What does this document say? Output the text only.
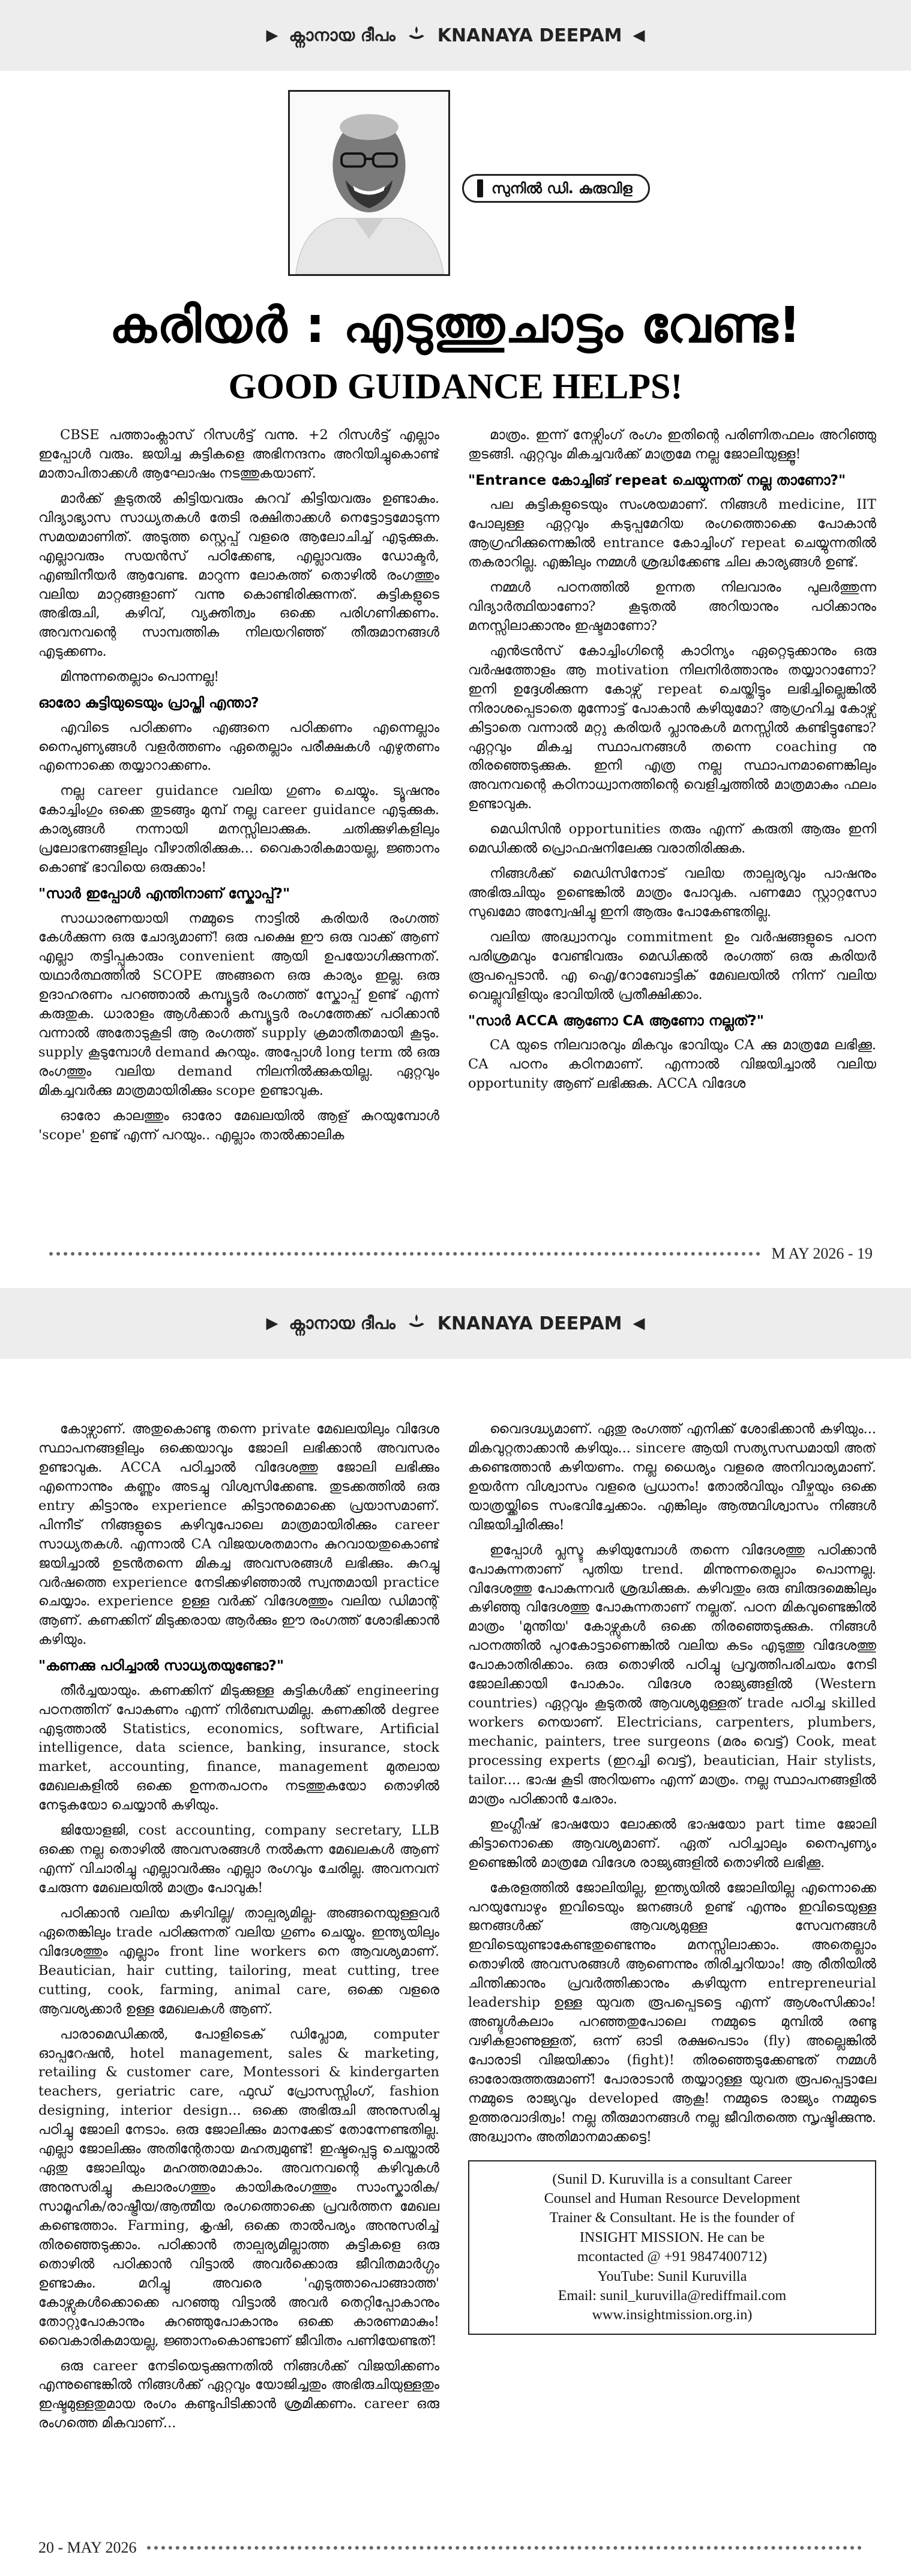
▶ ക്നാനായ ദീപം KNANAYA DEEPAM ◀
സുനിൽ ഡി. കുരുവിള
കരിയർ : എടുത്തുചാട്ടം വേണ്ട!
GOOD GUIDANCE HELPS!

CBSE പത്താംക്ലാസ് റിസൾട്ട് വന്നു. +2 റിസൾട്ട് എല്ലാം ഇപ്പോൾ വരും. ജയിച്ച കുട്ടികളെ അഭിനന്ദനം അറിയിച്ചുകൊണ്ട് മാതാപിതാക്കൾ ആഘോഷം നടത്തുകയാണ്.

മാർക്ക് കൂടുതൽ കിട്ടിയവരും കുറവ് കിട്ടിയവരും ഉണ്ടാകും. വിദ്യാഭ്യാസ സാധ്യതകൾ തേടി രക്ഷിതാക്കൾ നെട്ടോട്ടമോടുന്ന സമയമാണിത്. അടുത്ത സ്റ്റെപ്പ് വളരെ ആലോചിച്ച് എടുക്കുക. എല്ലാവരും സയൻസ് പഠിക്കേണ്ട, എല്ലാവരും ഡോക്ടർ, എഞ്ചിനീയർ ആവേണ്ട. മാറുന്ന ലോകത്ത് തൊഴിൽ രംഗത്തും വലിയ മാറ്റങ്ങളാണ് വന്നു കൊണ്ടിരിക്കുന്നത്. കുട്ടികളുടെ അഭിരുചി, കഴിവ്, വ്യക്തിത്വം ഒക്കെ പരിഗണിക്കണം. അവനവന്റെ സാമ്പത്തിക നിലയറിഞ്ഞ് തീരുമാനങ്ങൾ എടുക്കണം.

മിന്നുന്നതെല്ലാം പൊന്നല്ല!

ഓരോ കുട്ടിയുടെയും പ്രാപ്തി എന്താ?

എവിടെ പഠിക്കണം എങ്ങനെ പഠിക്കണം എന്നെല്ലാം നൈപുണ്യങ്ങൾ വളർത്തണം ഏതെല്ലാം പരീക്ഷകൾ എഴുതണം എന്നൊക്കെ തയ്യാറാക്കണം.

നല്ല career guidance വലിയ ഗുണം ചെയ്യും. ട്യൂഷനും കോച്ചിംഗും ഒക്കെ തുടങ്ങും മുമ്പ് നല്ല career guidance എടുക്കുക. കാര്യങ്ങൾ നന്നായി മനസ്സിലാക്കുക. ചതിക്കുഴികളിലും പ്രലോഭനങ്ങളിലും വീഴാതിരിക്കുക... വൈകാരികമായല്ല, ജ്ഞാനം കൊണ്ട് ഭാവിയെ ഒരുക്കാം!

"സാർ ഇപ്പോൾ എന്തിനാണ് സ്കോപ്പ്?"

സാധാരണയായി നമ്മുടെ നാട്ടിൽ കരിയർ രംഗത്ത് കേൾക്കുന്ന ഒരു ചോദ്യമാണ്! ഒരു പക്ഷെ ഈ ഒരു വാക്ക് ആണ് എല്ലാ തട്ടിപ്പുകാരും convenient ആയി ഉപയോഗിക്കുന്നത്. യഥാർത്ഥത്തിൽ SCOPE അങ്ങനെ ഒരു കാര്യം ഇല്ല. ഒരു ഉദാഹരണം പറഞ്ഞാൽ കമ്പ്യൂട്ടർ രംഗത്ത് സ്കോപ്പ് ഉണ്ട് എന്ന് കരുതുക. ധാരാളം ആൾക്കാർ കമ്പ്യൂട്ടർ രംഗത്തേക്ക് പഠിക്കാൻ വന്നാൽ അതോടുകൂടി ആ രംഗത്ത് supply ക്രമാതീതമായി കൂടും. supply കൂടുമ്പോൾ demand കുറയും. അപ്പോൾ long term ൽ ഒരു രംഗത്തും വലിയ demand നിലനിൽക്കുകയില്ല. ഏറ്റവും മികച്ചവർക്കു മാത്രമായിരിക്കും scope ഉണ്ടാവുക.

ഓരോ കാലത്തും ഓരോ മേഖലയിൽ ആള് കുറയുമ്പോൾ 'scope' ഉണ്ട് എന്ന് പറയും.. എല്ലാം താൽക്കാലിക

മാത്രം. ഇന്ന് നേഴ്സിംഗ് രംഗം ഇതിന്റെ പരിണിതഫലം അറിഞ്ഞു തുടങ്ങി. ഏറ്റവും മികച്ചവർക്ക് മാത്രമേ നല്ല ജോലിയുള്ളൂ!

"Entrance കോച്ചിങ് repeat ചെയ്യുന്നത് നല്ല താണോ?"

പല കുട്ടികളുടെയും സംശയമാണ്. നിങ്ങൾ medicine, IIT പോലുള്ള ഏറ്റവും കടുപ്പമേറിയ രംഗത്തൊക്കെ പോകാൻ ആഗ്രഹിക്കുന്നെങ്കിൽ entrance കോച്ചിംഗ് repeat ചെയ്യുന്നതിൽ തകരാറില്ല. എങ്കിലും നമ്മൾ ശ്രദ്ധിക്കേണ്ട ചില കാര്യങ്ങൾ ഉണ്ട്.

നമ്മൾ പഠനത്തിൽ ഉന്നത നിലവാരം പുലർത്തുന്ന വിദ്യാർത്ഥിയാണോ? കൂടുതൽ അറിയാനും പഠിക്കാനും മനസ്സിലാക്കാനും ഇഷ്ടമാണോ?

എൻട്രൻസ് കോച്ചിംഗിന്റെ കാഠിന്യം ഏറ്റെടുക്കാനും ഒരു വർഷത്തോളം ആ motivation നിലനിർത്താനും തയ്യാറാണോ? ഇനി ഉദ്ദേശിക്കുന്ന കോഴ്സ് repeat ചെയ്തിട്ടും ലഭിച്ചില്ലെങ്കിൽ നിരാശപ്പെടാതെ മുന്നോട്ട് പോകാൻ കഴിയുമോ? ആഗ്രഹിച്ച കോഴ്സ് കിട്ടാതെ വന്നാൽ മറ്റു കരിയർ പ്ലാനുകൾ മനസ്സിൽ കണ്ടിട്ടുണ്ടോ? ഏറ്റവും മികച്ച സ്ഥാപനങ്ങൾ തന്നെ coaching നു തിരഞ്ഞെടുക്കുക. ഇനി എത്ര നല്ല സ്ഥാപനമാണെങ്കിലും അവനവന്റെ കഠിനാധ്വാനത്തിന്റെ വെളിച്ചത്തിൽ മാത്രമാകും ഫലം ഉണ്ടാവുക.

മെഡിസിൻ opportunities തരും എന്ന് കരുതി ആരും ഇനി മെഡിക്കൽ പ്രൊഫഷനിലേക്കു വരാതിരിക്കുക.

നിങ്ങൾക്ക് മെഡിസിനോട് വലിയ താല്പര്യവും പാഷനും അഭിരുചിയും ഉണ്ടെങ്കിൽ മാത്രം പോവുക. പണമോ സ്റ്റാറ്റസോ സുഖമോ അന്വേഷിച്ചു ഇനി ആരും പോകേണ്ടതില്ല.

വലിയ അദ്ധ്വാനവും commitment ഉം വർഷങ്ങളുടെ പഠന പരിശ്രമവും വേണ്ടിവരും മെഡിക്കൽ രംഗത്ത് ഒരു കരിയർ രൂപപ്പെടാൻ. എ ഐ/റോബോട്ടിക് മേഖലയിൽ നിന്ന് വലിയ വെല്ലുവിളിയും ഭാവിയിൽ പ്രതീക്ഷിക്കാം.

"സാർ ACCA ആണോ CA ആണോ നല്ലത്?"

CA യുടെ നിലവാരവും മികവും ഭാവിയും CA ക്കു മാത്രമേ ലഭിക്കൂ. CA പഠനം കഠിനമാണ്. എന്നാൽ വിജയിച്ചാൽ വലിയ opportunity ആണ് ലഭിക്കുക. ACCA വിദേശ

M AY 2026 - 19
▶ ക്നാനായ ദീപം KNANAYA DEEPAM ◀

കോഴ്സാണ്. അതുകൊണ്ടു തന്നെ private മേഖലയിലും വിദേശ സ്ഥാപനങ്ങളിലും ഒക്കെയാവും ജോലി ലഭിക്കാൻ അവസരം ഉണ്ടാവുക. ACCA പഠിച്ചാൽ വിദേശത്തു ജോലി ലഭിക്കും എന്നൊന്നും കണ്ണും അടച്ചു വിശ്വസിക്കേണ്ട. തുടക്കത്തിൽ ഒരു entry കിട്ടാനും experience കിട്ടാനുമൊക്കെ പ്രയാസമാണ്. പിന്നീട് നിങ്ങളുടെ കഴിവുപോലെ മാത്രമായിരിക്കും career സാധ്യതകൾ. എന്നാൽ CA വിജയശതമാനം കുറവായതുകൊണ്ട് ജയിച്ചാൽ ഉടൻതന്നെ മികച്ച അവസരങ്ങൾ ലഭിക്കും. കുറച്ചു വർഷത്തെ experience നേടിക്കഴിഞ്ഞാൽ സ്വന്തമായി practice ചെയ്യാം. experience ഉള്ള വർക്ക് വിദേശത്തും വലിയ ഡിമാന്റ് ആണ്. കണക്കിന് മിടുക്കരായ ആർക്കും ഈ രംഗത്ത് ശോഭിക്കാൻ കഴിയും.

"കണക്കു പഠിച്ചാൽ സാധ്യതയുണ്ടോ?"

തീർച്ചയായും. കണക്കിന് മിടുക്കുള്ള കുട്ടികൾക്ക് engineering പഠനത്തിന് പോകണം എന്ന് നിർബന്ധമില്ല. കണക്കിൽ degree എടുത്താൽ Statistics, economics, software, Artificial intelligence, data science, banking, insurance, stock market, accounting, finance, management മുതലായ മേഖലകളിൽ ഒക്കെ ഉന്നതപഠനം നടത്തുകയോ തൊഴിൽ നേടുകയോ ചെയ്യാൻ കഴിയും.

ജിയോളജി, cost accounting, company secretary, LLB ഒക്കെ നല്ല തൊഴിൽ അവസരങ്ങൾ നൽകുന്ന മേഖലകൾ ആണ് എന്ന് വിചാരിച്ചു എല്ലാവർക്കും എല്ലാ രംഗവും ചേരില്ല. അവനവന് ചേരുന്ന മേഖലയിൽ മാത്രം പോവുക!

പഠിക്കാൻ വലിയ കഴിവില്ല/ താല്പര്യമില്ല- അങ്ങനെയുള്ളവർ ഏതെങ്കിലും trade പഠിക്കുന്നത് വലിയ ഗുണം ചെയ്യും. ഇന്ത്യയിലും വിദേശത്തും എല്ലാം front line workers നെ ആവശ്യമാണ്. Beautician, hair cutting, tailoring, meat cutting, tree cutting, cook, farming, animal care, ഒക്കെ വളരെ ആവശ്യക്കാർ ഉള്ള മേഖലകൾ ആണ്.

പാരാമെഡിക്കൽ, പോളിടെക് ഡിപ്ലോമ, computer ഓപ്പറേഷൻ, hotel management, sales & marketing, retailing & customer care, Montessori & kindergarten teachers, geriatric care, ഫുഡ് പ്രോസസ്സിംഗ്, fashion designing, interior design... ഒക്കെ അഭിരുചി അനുസരിച്ചു പഠിച്ചു ജോലി നേടാം. ഒരു ജോലിക്കും മാനക്കേട് തോന്നേണ്ടതില്ല. എല്ലാ ജോലിക്കും അതിന്റേതായ മഹത്വമുണ്ട്! ഇഷ്ടപ്പെട്ടു ചെയ്താൽ ഏതു ജോലിയും മഹത്തരമാകാം. അവനവന്റെ കഴിവുകൾ അനുസരിച്ചു കലാരംഗത്തും കായികരംഗത്തും സാംസ്കാരിക/സാമൂഹിക/രാഷ്ട്രീയ/ആത്മീയ രംഗത്തൊക്കെ പ്രവർത്തന മേഖല കണ്ടെത്താം. Farming, കൃഷി, ഒക്കെ താൽപര്യം അനുസരിച്ച് തിരഞ്ഞെടുക്കാം. പഠിക്കാൻ താല്പര്യമില്ലാത്ത കുട്ടികളെ ഒരു തൊഴിൽ പഠിക്കാൻ വിട്ടാൽ അവർക്കൊരു ജീവിതമാർഗ്ഗം ഉണ്ടാകും. മറിച്ചു അവരെ 'എടുത്താപൊങ്ങാത്ത' കോഴ്സുകൾക്കൊക്കെ പറഞ്ഞു വിട്ടാൽ അവർ തെറ്റിപ്പോകാനും തോറ്റുപോകാനും കുറഞ്ഞുപോകാനും ഒക്കെ കാരണമാകും! വൈകാരികമായല്ല, ജ്ഞാനംകൊണ്ടാണ് ജീവിതം പണിയേണ്ടത്!

ഒരു career നേടിയെടുക്കുന്നതിൽ നിങ്ങൾക്ക് വിജയിക്കണം എന്നുണ്ടെങ്കിൽ നിങ്ങൾക്ക് ഏറ്റവും യോജിച്ചതും അഭിരുചിയുള്ളതും ഇഷ്ടമുള്ളതുമായ രംഗം കണ്ടുപിടിക്കാൻ ശ്രമിക്കണം. career ഒരു രംഗത്തെ മികവാണ്...

വൈദഗ്ദ്ധ്യമാണ്. ഏതു രംഗത്ത് എനിക്ക് ശോഭിക്കാൻ കഴിയും... മികവുറ്റതാക്കാൻ കഴിയും... sincere ആയി സത്യസന്ധമായി അത് കണ്ടെത്താൻ കഴിയണം. നല്ല ധൈര്യം വളരെ അനിവാര്യമാണ്. ഉയർന്ന വിശ്വാസം വളരെ പ്രധാനം! തോൽവിയും വീഴ്ചയും ഒക്കെ യാത്രയ്ക്കിടെ സംഭവിച്ചേക്കാം. എങ്കിലും ആത്മവിശ്വാസം നിങ്ങൾ വിജയിച്ചിരിക്കും!

ഇപ്പോൾ പ്ലസ്ടു കഴിയുമ്പോൾ തന്നെ വിദേശത്തു പഠിക്കാൻ പോകുന്നതാണ് പുതിയ trend. മിന്നുന്നതെല്ലാം പൊന്നല്ല. വിദേശത്തു പോകുന്നവർ ശ്രദ്ധിക്കുക. കഴിവതും ഒരു ബിരുദമെങ്കിലും കഴിഞ്ഞു വിദേശത്തു പോകുന്നതാണ് നല്ലത്. പഠന മികവുണ്ടെങ്കിൽ മാത്രം 'മുന്തിയ' കോഴ്സുകൾ ഒക്കെ തിരഞ്ഞെടുക്കുക. നിങ്ങൾ പഠനത്തിൽ പുറകോട്ടാണെങ്കിൽ വലിയ കടം എടുത്തു വിദേശത്തു പോകാതിരിക്കാം. ഒരു തൊഴിൽ പഠിച്ചു പ്രവൃത്തിപരിചയം നേടി ജോലിക്കായി പോകാം. വിദേശ രാജ്യങ്ങളിൽ (Western countries) ഏറ്റവും കൂടുതൽ ആവശ്യമുള്ളത് trade പഠിച്ച skilled workers നെയാണ്. Electricians, carpenters, plumbers, mechanic, painters, tree surgeons (മരം വെട്ട്) Cook, meat processing experts (ഇറച്ചി വെട്ട്), beautician, Hair stylists, tailor.... ഭാഷ കൂടി അറിയണം എന്ന് മാത്രം. നല്ല സ്ഥാപനങ്ങളിൽ മാത്രം പഠിക്കാൻ ചേരാം.

ഇംഗ്ലീഷ് ഭാഷയോ ലോക്കൽ ഭാഷയോ part time ജോലി കിട്ടാനൊക്കെ ആവശ്യമാണ്. ഏത് പഠിച്ചാലും നൈപുണ്യം ഉണ്ടെങ്കിൽ മാത്രമേ വിദേശ രാജ്യങ്ങളിൽ തൊഴിൽ ലഭിക്കൂ.

കേരളത്തിൽ ജോലിയില്ല, ഇന്ത്യയിൽ ജോലിയില്ല എന്നൊക്കെ പറയുമ്പോഴും ഇവിടെയും ജനങ്ങൾ ഉണ്ട് എന്നും ഇവിടെയുള്ള ജനങ്ങൾക്ക് ആവശ്യമുള്ള സേവനങ്ങൾ ഇവിടെയുണ്ടാകേണ്ടതുണ്ടെന്നും മനസ്സിലാക്കാം. അതെല്ലാം തൊഴിൽ അവസരങ്ങൾ ആണെന്നും തിരിച്ചറിയാം! ആ രീതിയിൽ ചിന്തിക്കാനും പ്രവർത്തിക്കാനും കഴിയുന്ന entrepreneurial leadership ഉള്ള യുവത രൂപപ്പെടട്ടെ എന്ന് ആശംസിക്കാം! അബ്ദുൾകലാം പറഞ്ഞതുപോലെ നമ്മുടെ മുമ്പിൽ രണ്ടു വഴികളാണുള്ളത്, ഒന്ന് ഓടി രക്ഷപെടാം (fly) അല്ലെങ്കിൽ പോരാടി വിജയിക്കാം (fight)! തിരഞ്ഞെടുക്കേണ്ടത് നമ്മൾ ഓരോരുത്തരുമാണ്! പോരാടാൻ തയ്യാറുള്ള യുവത രൂപപ്പെട്ടാലേ നമ്മുടെ രാജ്യവും developed ആകൂ! നമ്മുടെ രാജ്യം നമ്മുടെ ഉത്തരവാദിത്വം! നല്ല തീരുമാനങ്ങൾ നല്ല ജീവിതത്തെ സൃഷ്ടിക്കുന്നു. അദ്ധ്വാനം അതിമാനമാക്കട്ടെ!

(Sunil D. Kuruvilla is a consultant Career
Counsel and Human Resource Development
Trainer & Consultant. He is the founder of
INSIGHT MISSION. He can be
mcontacted @ +91 9847400712)
YouTube: Sunil Kuruvilla
Email: sunil_kuruvilla@rediffmail.com
www.insightmission.org.in)
20 - MAY 2026
